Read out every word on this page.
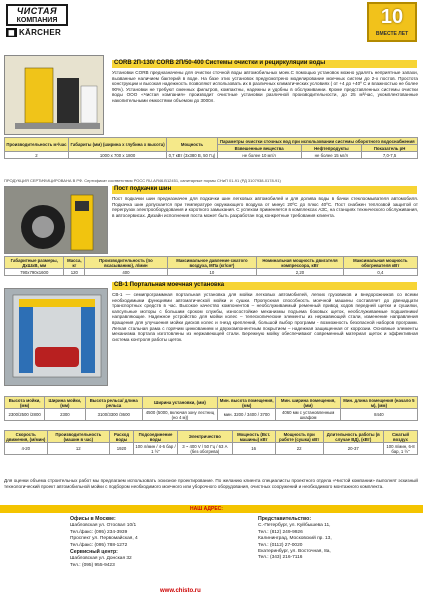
ЧИСТАЯ
КОМПАНИЯ
◼ KÄRCHER
10
ВМЕСТЕ ЛЕТ
CORB 2П-130/ CORB 2П/50-400 Системы очистки и рециркуляции воды
Установки CORB предназначены для очистки сточной воды автомобильных моек.С помощью установок можно удалять неприятные запахи, вызванные наличием бактерий в воде. На базе этих установок предусмотрено моделирование моечных систем до 2-х постов. Простота конструкции и высокая надежность позволяют использовать их в различных климатических условиях ( от +4 до +40º С и влажностью не более 90%). Установки не требуют сменных фильтров, компактны, надежны и удобны в обслуживании. Кроме представленных системы очистки воды ООО «Чистая компания» производит очистные установки различной производительности, до 25 м³/час, укомплектованные накопительными емкостями объемом до 3000л.
Производительность м³/час	Габариты (мм) (ширина х глубина х высота)	Мощность	Параметры очистки сточных вод при использовании системы оборотного водоснабжения		
			Взвешенные вещества	Нефтепродукты	Показатель pH
2	1000 х 700 х 1800	0,7 кВт (3х380 В, 50 Гц)	не более 10 мг/л	не более 15 мг/л	7,0-7,5
ПРОДУКЦИЯ СЕРТИФИЦИРОВАНА В РФ. Сертификат соответствия РОСС RU.АЯ46.В12451, санитарные нормы СНиП 01-91 (РД 3107938-0178-91)
Пост подкачки шин
Пост подкачки шин предназначен для подкачки шин легковых автомобилей и для долива воды в бачки стеклоомывателя автомобиля. Подкачка шин допускается при температуре окружающего воздуха от минус 20ºС до плюс 40ºС. Пост снабжен теплозвой защитой от перегрузок электрооборудования и короткого замыкания. С успехом применяется в комплексах АЗС, на станциях технического обслуживания, в автосервисах. Дизайн исполнения поста может быть разработан под конкретные требования клиента.
Габаритные размеры, ДхШхВ, мм	Масса, кг	Производительность (по всасыванию), л/мин	Максимальное давление сжатого воздуха, МПа (кг/см²)	Номинальная мощность двигателя компрессора, кВт	Максимальная мощность обогревателя кВт
790х790х1600	120	400	10	2,20	0,4
СВ-1 Портальная моечная установка
СВ-1 — семипрограммная портальная установка для мойки легковых автомобилей, легких грузовиков и внедорожников со всеми необходимыми функциями автоматической мойки и сушки. Пропускная способность моечной машины составляет до двенадцати транспортных средств в час. Высокое качество компонентов – необслуживаемый ременный привод ходов передней щетки и сушилки, капсульные моторы с большим сроком службы, износостойкие механизмы подъема боковых щеток, необслуживаемые подшипники/направляющие. Надежное устройство для мойки колес – телескопические элементы из нержавеющей стали, изменение направления вращения для улучшения мойки дисков колес и гнезд креплений, большой выбор программ - возможность безопасной наборов программ. Легкая стальная рама с горячим цинкованием и двухкомпонентным покрытием – надежная защищенная от коррозии. Основные элементы механизма портала изготовлены из нержавеющей стали. Бережную мойку обеспечивают современный материал щеток и эффективная система контроля работы щеток.
Высота мойки, (мм)	Ширина мойки, (мм)	Высота рельса/ длина рельса	Ширина установки, (мм)	Мин. высота помещения, (мм)	Мин. ширина помещения, (мм)	Мин. длина помещения (начало 5 м), (мм)
2300/2500 /2800	2300	3100/3300 /3600	4500 (5000, включая зону лестниц (но 4 м))	мин. 3200 / 3400 / 3700	4060 мм с установленным шкафом	8440
Скорость движения, (м/мин)	Производительность (машин в час)	Расход воды	Подсоединение воды	Электричество	Мощность (Вст. машины) кВт	Мощность при работе (сушка) кВт	Длительность работы (в случае ВД), (кВт)	Сжатый воздух
4-20	12	1920	100 л/мин / 4-6 бар / 1 ½"	3 ~ 400 V / 50 Гц / 63 A (без обогрева)	16	22	20-37	100 л/мин, 6-8 бар, 1 ½"
Для оценки объема строительных работ мы предлагаем использовать эскизное проектирование. По желанию клиента специалисты проектного отдела «Чистой компании» выполнят эскизный технологический проект автомобильной мойки с подбором необходимого моечного или уборочного оборудования, очистных сооружений и необходимого монтажного комплекта.
НАШ АДРЕС:
Офисы в Москве:
Шабловская ул. Отосвал 10/1
Тел./факс: (095) 234-3939
Проспект ул. Первомайская, 4
Тел./факс: (095) 788-1272
Сервисный центр:
Шабловская ул. Донская 32
Тел.: (095) 955-9423
Представительство:
С.-Петербург, ул. Куйбышева 11,
Тел.: (812) 249-9926
Калининград, Московский пр. 13,
Тел.: (0112) 27-0020
Екатеринбург, ул. Восточная, 8а,
Тел.: (343) 216-7116
www.chisto.ru
